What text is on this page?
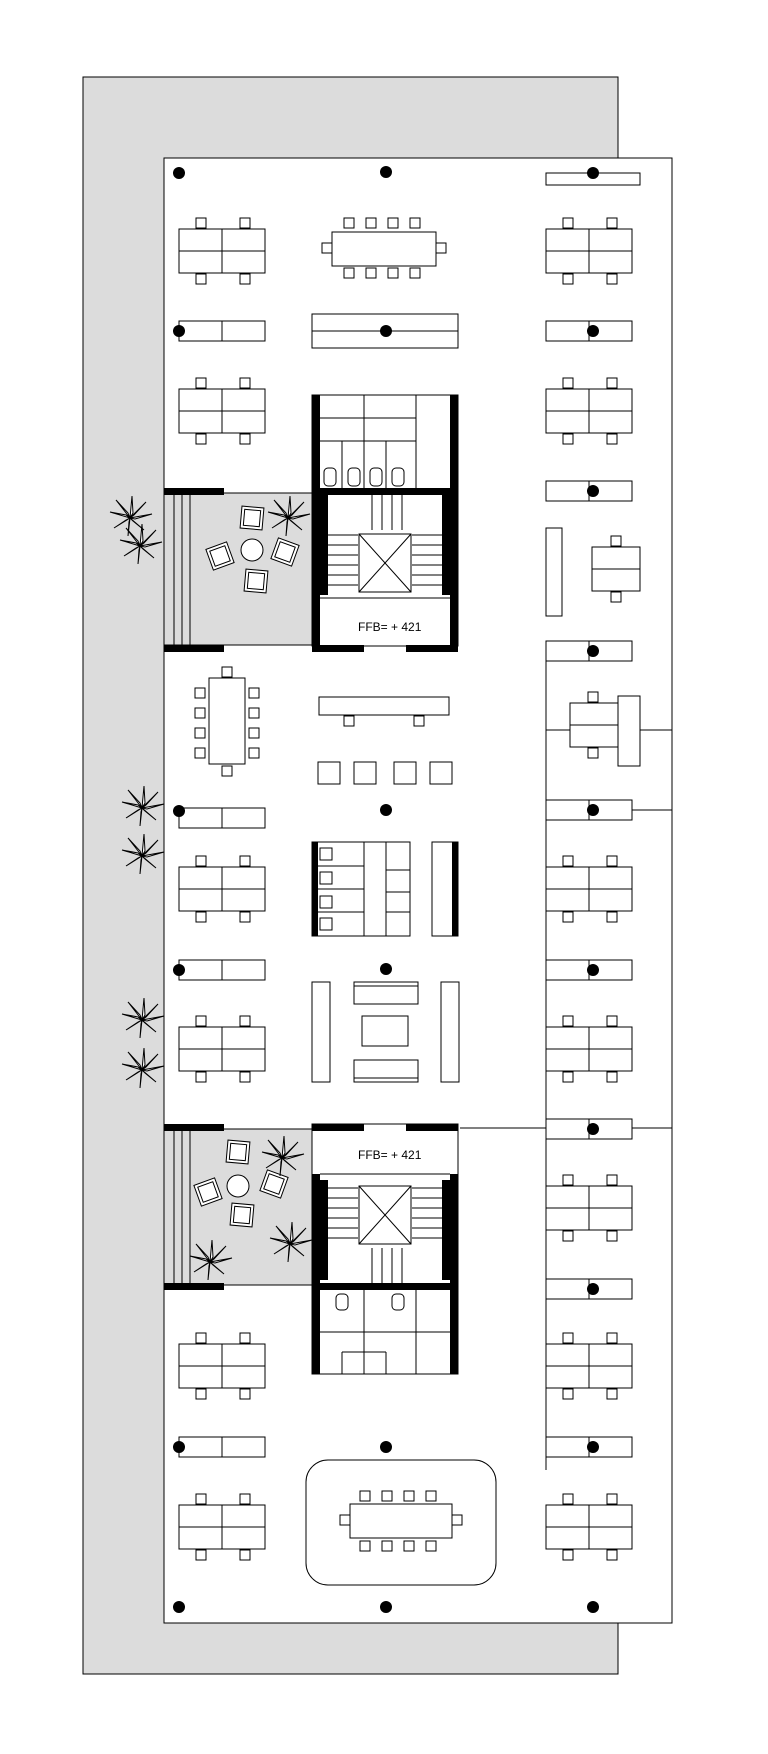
FFB= + 421
FFB= + 421
